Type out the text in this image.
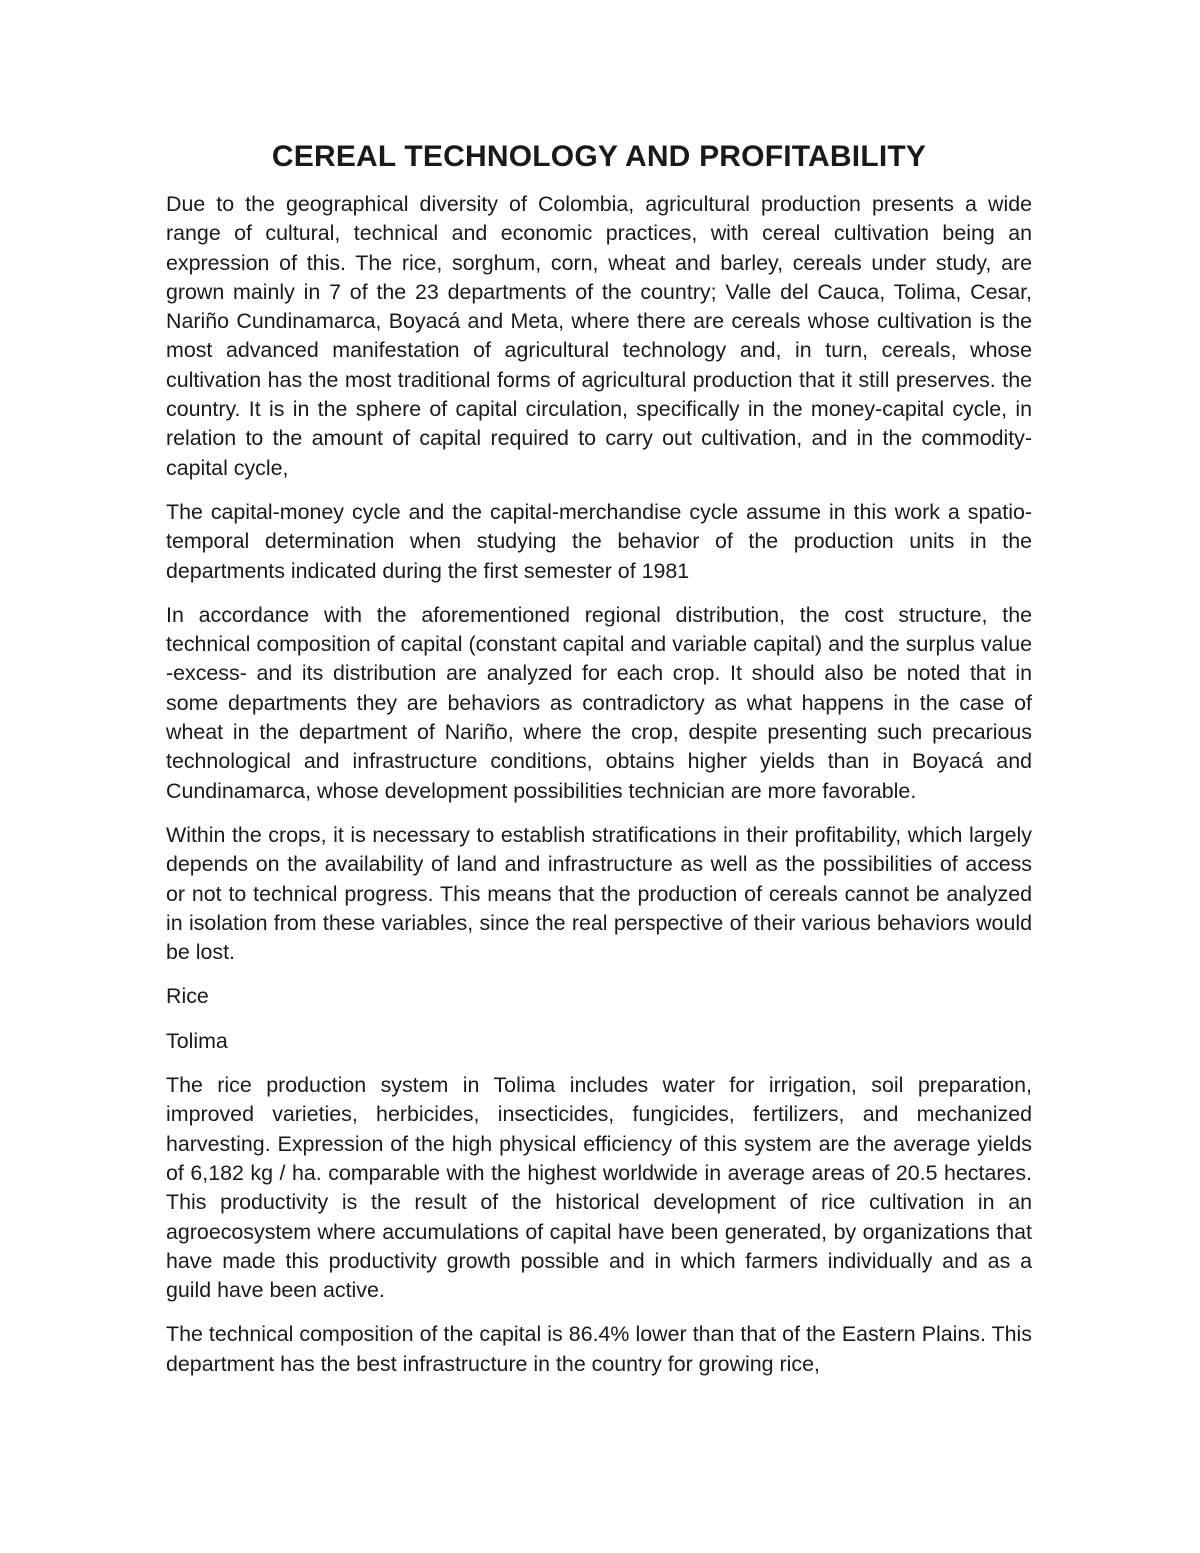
CEREAL TECHNOLOGY AND PROFITABILITY

Due to the geographical diversity of Colombia, agricultural production presents a wide range of cultural, technical and economic practices, with cereal cultivation being an expression of this. The rice, sorghum, corn, wheat and barley, cereals under study, are grown mainly in 7 of the 23 departments of the country; Valle del Cauca, Tolima, Cesar, Nariño Cundinamarca, Boyacá and Meta, where there are cereals whose cultivation is the most advanced manifestation of agricultural technology and, in turn, cereals, whose cultivation has the most traditional forms of agricultural production that it still preserves. the country. It is in the sphere of capital circulation, specifically in the money-capital cycle, in relation to the amount of capital required to carry out cultivation, and in the commodity-capital cycle,

The capital-money cycle and the capital-merchandise cycle assume in this work a spatio-temporal determination when studying the behavior of the production units in the departments indicated during the first semester of 1981

In accordance with the aforementioned regional distribution, the cost structure, the technical composition of capital (constant capital and variable capital) and the surplus value -excess- and its distribution are analyzed for each crop. It should also be noted that in some departments they are behaviors as contradictory as what happens in the case of wheat in the department of Nariño, where the crop, despite presenting such precarious technological and infrastructure conditions, obtains higher yields than in Boyacá and Cundinamarca, whose development possibilities technician are more favorable.

Within the crops, it is necessary to establish stratifications in their profitability, which largely depends on the availability of land and infrastructure as well as the possibilities of access or not to technical progress. This means that the production of cereals cannot be analyzed in isolation from these variables, since the real perspective of their various behaviors would be lost.

Rice

Tolima

The rice production system in Tolima includes water for irrigation, soil preparation, improved varieties, herbicides, insecticides, fungicides, fertilizers, and mechanized harvesting. Expression of the high physical efficiency of this system are the average yields of 6,182 kg / ha. comparable with the highest worldwide in average areas of 20.5 hectares. This productivity is the result of the historical development of rice cultivation in an agroecosystem where accumulations of capital have been generated, by organizations that have made this productivity growth possible and in which farmers individually and as a guild have been active.

The technical composition of the capital is 86.4% lower than that of the Eastern Plains. This department has the best infrastructure in the country for growing rice,
